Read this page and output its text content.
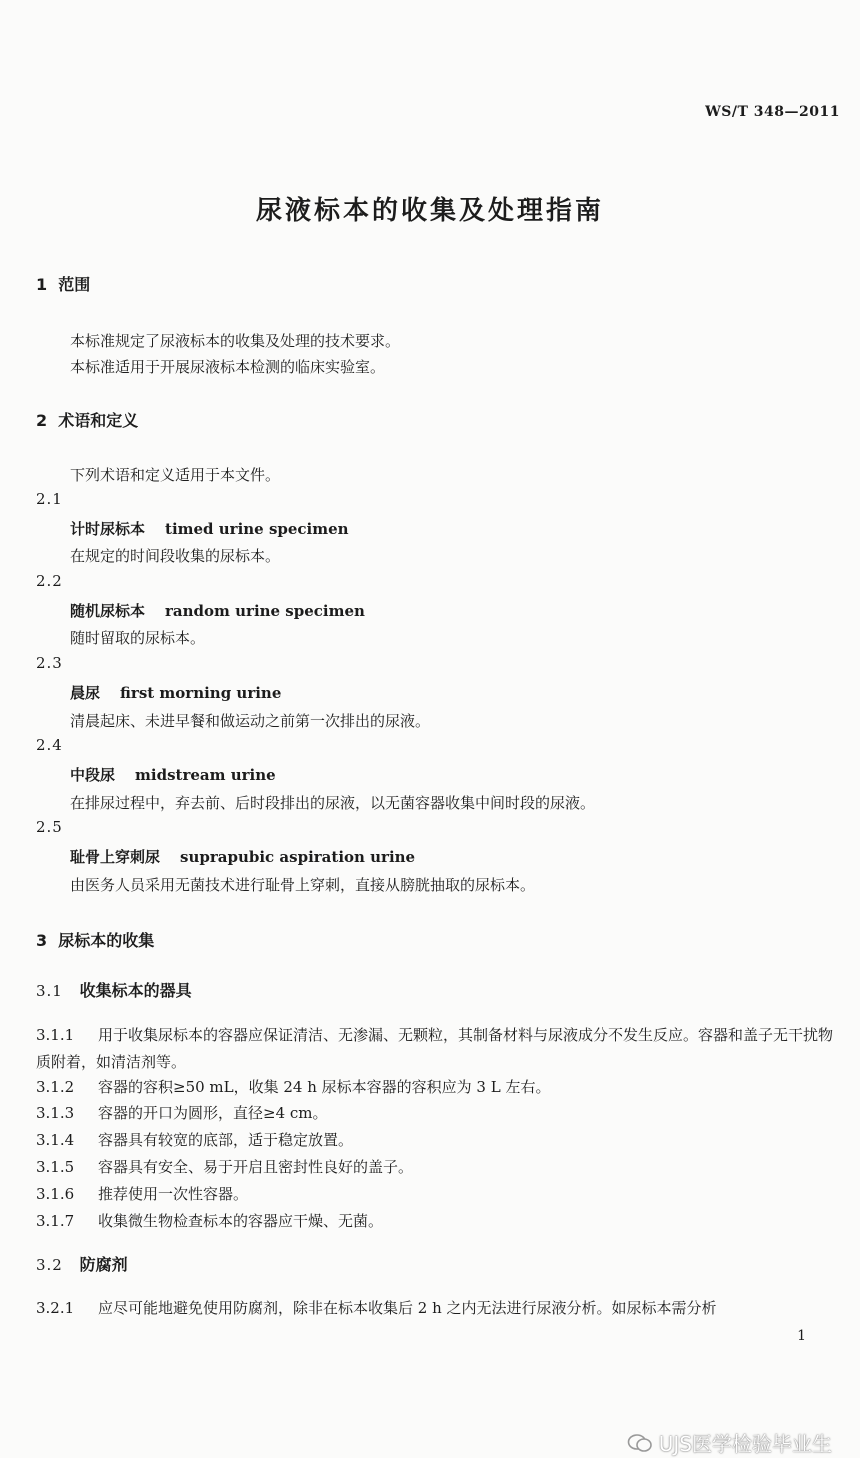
WS/T 348—2011
尿液标本的收集及处理指南
1 范围
本标准规定了尿液标本的收集及处理的技术要求。
本标准适用于开展尿液标本检测的临床实验室。
2 术语和定义
下列术语和定义适用于本文件。
2.1
计时尿标本 timed urine specimen
在规定的时间段收集的尿标本。
2.2
随机尿标本 random urine specimen
随时留取的尿标本。
2.3
晨尿 first morning urine
清晨起床、未进早餐和做运动之前第一次排出的尿液。
2.4
中段尿 midstream urine
在排尿过程中，弃去前、后时段排出的尿液，以无菌容器收集中间时段的尿液。
2.5
耻骨上穿刺尿 suprapubic aspiration urine
由医务人员采用无菌技术进行耻骨上穿刺，直接从膀胱抽取的尿标本。
3 尿标本的收集
3.1 收集标本的器具
3.1.1 用于收集尿标本的容器应保证清洁、无渗漏、无颗粒，其制备材料与尿液成分不发生反应。容器和盖子无干扰物质附着，如清洁剂等。
3.1.2 容器的容积≥50 mL，收集 24 h 尿标本容器的容积应为 3 L 左右。
3.1.3 容器的开口为圆形，直径≥4 cm。
3.1.4 容器具有较宽的底部，适于稳定放置。
3.1.5 容器具有安全、易于开启且密封性良好的盖子。
3.1.6 推荐使用一次性容器。
3.1.7 收集微生物检查标本的容器应干燥、无菌。
3.2 防腐剂
3.2.1 应尽可能地避免使用防腐剂，除非在标本收集后 2 h 之内无法进行尿液分析。如尿标本需分析
1
UJS医学检验毕业生
